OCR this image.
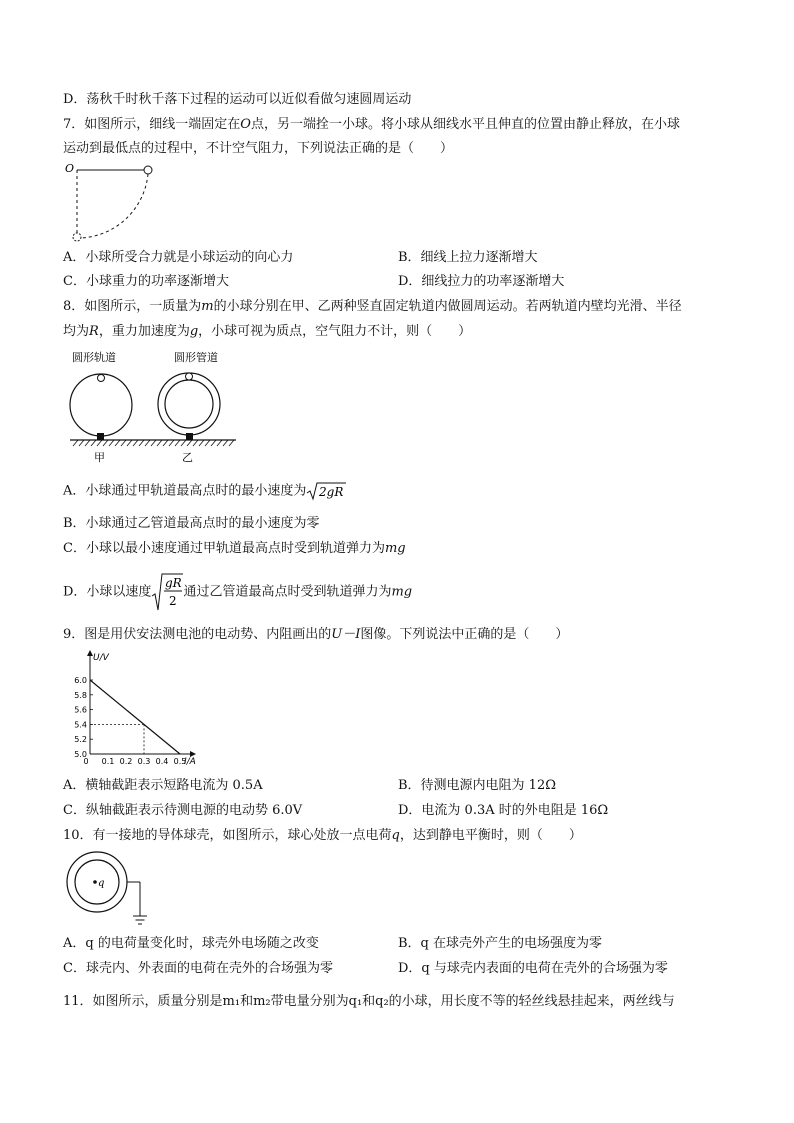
D．荡秋千时秋千落下过程的运动可以近似看做匀速圆周运动
7．如图所示，细线一端固定在O点，另一端拴一小球。将小球从细线水平且伸直的位置由静止释放，在小球
运动到最低点的过程中，不计空气阻力，下列说法正确的是（　　）
O
A．小球所受合力就是小球运动的向心力	B．细线上拉力逐渐增大
C．小球重力的功率逐渐增大	D．细线拉力的功率逐渐增大
8．如图所示，一质量为m的小球分别在甲、乙两种竖直固定轨道内做圆周运动。若两轨道内壁均光滑、半径
均为R，重力加速度为g，小球可视为质点，空气阻力不计，则（　　）
圆形轨道	圆形管道
甲	乙
A．小球通过甲轨道最高点时的最小速度为 2gR
B．小球通过乙管道最高点时的最小速度为零
C．小球以最小速度通过甲轨道最高点时受到轨道弹力为mg
D．小球以速度
gR
2
通过乙管道最高点时受到轨道弹力为mg
9．图是用伏安法测电池的电动势、内阻画出的U－I图像。下列说法中正确的是（　　）
U/V
I/A
5.0
5.2
5.4
5.6
5.8
6.0
0 0.1 0.2 0.3 0.4 0.5
A．横轴截距表示短路电流为 0.5A	B．待测电源内电阻为 12Ω
C．纵轴截距表示待测电源的电动势 6.0V	D．电流为 0.3A 时的外电阻是 16Ω
10．有一接地的导体球壳，如图所示，球心处放一点电荷q，达到静电平衡时，则（　　）
q
A．q 的电荷量变化时，球壳外电场随之改变	B．q 在球壳外产生的电场强度为零
C．球壳内、外表面的电荷在壳外的合场强为零	D．q 与球壳内表面的电荷在壳外的合场强为零
11．如图所示，质量分别是m₁和m₂带电量分别为q₁和q₂的小球，用长度不等的轻丝线悬挂起来，两丝线与
